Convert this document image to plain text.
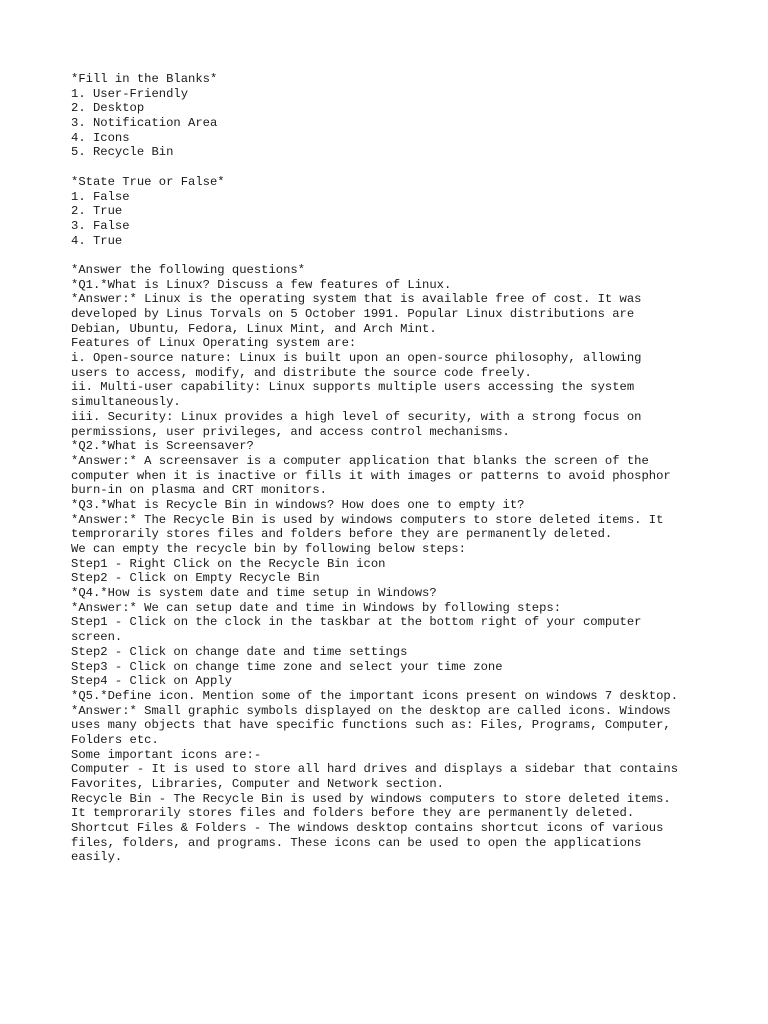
*Fill in the Blanks*
1. User-Friendly
2. Desktop
3. Notification Area
4. Icons
5. Recycle Bin
*State True or False*
1. False
2. True
3. False
4. True
*Answer the following questions*
*Q1.*What is Linux? Discuss a few features of Linux.
*Answer:* Linux is the operating system that is available free of cost. It was
developed by Linus Torvals on 5 October 1991. Popular Linux distributions are
Debian, Ubuntu, Fedora, Linux Mint, and Arch Mint.
Features of Linux Operating system are:
i. Open-source nature: Linux is built upon an open-source philosophy, allowing
users to access, modify, and distribute the source code freely.
ii. Multi-user capability: Linux supports multiple users accessing the system
simultaneously.
iii. Security: Linux provides a high level of security, with a strong focus on
permissions, user privileges, and access control mechanisms.
*Q2.*What is Screensaver?
*Answer:* A screensaver is a computer application that blanks the screen of the
computer when it is inactive or fills it with images or patterns to avoid phosphor
burn-in on plasma and CRT monitors.
*Q3.*What is Recycle Bin in windows? How does one to empty it?
*Answer:* The Recycle Bin is used by windows computers to store deleted items. It
temprorarily stores files and folders before they are permanently deleted.
We can empty the recycle bin by following below steps:
Step1 - Right Click on the Recycle Bin icon
Step2 - Click on Empty Recycle Bin
*Q4.*How is system date and time setup in Windows?
*Answer:* We can setup date and time in Windows by following steps:
Step1 - Click on the clock in the taskbar at the bottom right of your computer
screen.
Step2 - Click on change date and time settings
Step3 - Click on change time zone and select your time zone
Step4 - Click on Apply
*Q5.*Define icon. Mention some of the important icons present on windows 7 desktop.
*Answer:* Small graphic symbols displayed on the desktop are called icons. Windows
uses many objects that have specific functions such as: Files, Programs, Computer,
Folders etc.
Some important icons are:-
Computer - It is used to store all hard drives and displays a sidebar that contains
Favorites, Libraries, Computer and Network section.
Recycle Bin - The Recycle Bin is used by windows computers to store deleted items.
It temprorarily stores files and folders before they are permanently deleted.
Shortcut Files & Folders - The windows desktop contains shortcut icons of various
files, folders, and programs. These icons can be used to open the applications
easily.
